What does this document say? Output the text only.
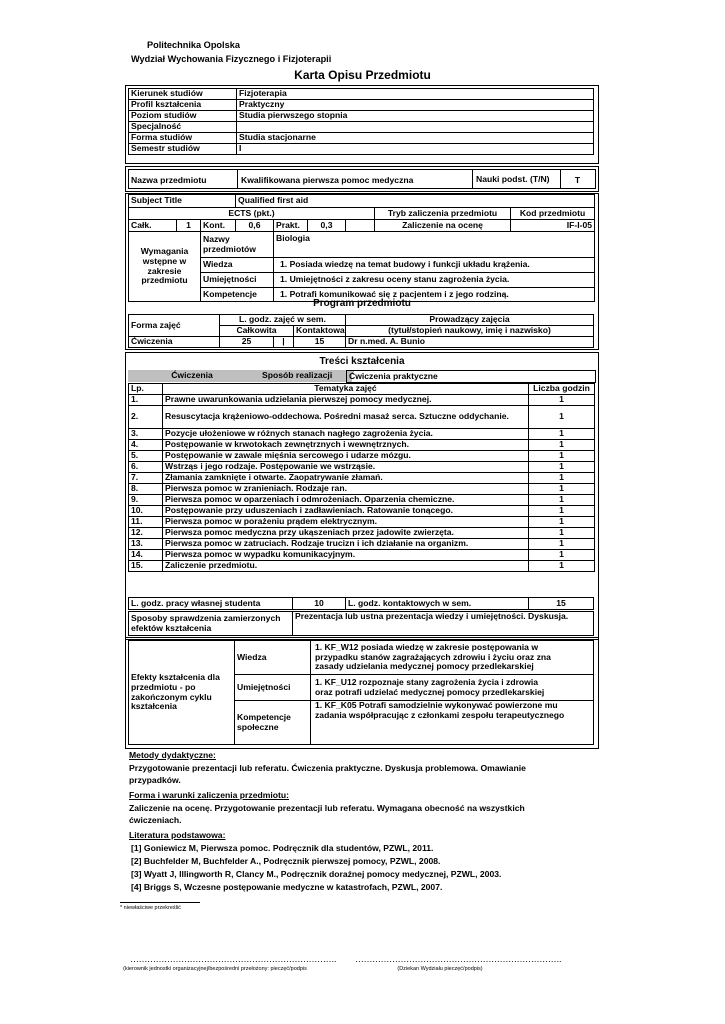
Politechnika Opolska
Wydział Wychowania Fizycznego i Fizjoterapii
Karta Opisu Przedmiotu
Kierunek studiów	Fizjoterapia
Profil kształcenia	Praktyczny
Poziom studiów	Studia pierwszego stopnia
Specjalność	
Forma studiów	Studia stacjonarne
Semestr studiów	I
Nazwa przedmiotu	Kwalifikowana pierwsza pomoc medyczna	Nauki podst. (T/N)	T
Subject Title			Qualified first aid					
ECTS (pkt.)							Tryb zaliczenia przedmiotu	Kod przedmiotu
Całk.	1	Kont.	0,6	Prakt.	0,3		Zaliczenie na ocenę	IF-I-05
Wymagania wstępne w zakresie przedmiotu		Nazwy przedmiotów		Biologia				
		Wiedza		1. Posiada wiedzę na temat budowy i funkcji układu krążenia.				
		Umiejętności		1. Umiejętności z zakresu oceny stanu zagrożenia życia.				
		Kompetencje		1. Potrafi komunikować się z pacjentem i z jego rodziną.				
Program przedmiotu
Forma zajęć	L. godz. zajęć w sem.			Prowadzący zajęcia
	Całkowita		Kontaktowa	(tytuł/stopień naukowy, imię i nazwisko)
Ćwiczenia	25	|	15	Dr n.med. A. Bunio
Treści kształcenia
Ćwiczenia	Sposób realizacji	Ćwiczenia praktyczne
Lp.	Tematyka zajęć	Liczba godzin
1.	Prawne uwarunkowania udzielania pierwszej pomocy medycznej.	1
2.	Resuscytacja krążeniowo-oddechowa. Pośredni masaż serca. Sztuczne oddychanie.	1
3.	Pozycje ułożeniowe w różnych stanach nagłego zagrożenia życia.	1
4.	Postępowanie w krwotokach zewnętrznych i wewnętrznych.	1
5.	Postępowanie w zawale mięśnia sercowego i udarze mózgu.	1
6.	Wstrząs i jego rodzaje. Postępowanie we wstrząsie.	1
7.	Złamania zamknięte i otwarte. Zaopatrywanie złamań.	1
8.	Pierwsza pomoc w zranieniach. Rodzaje ran.	1
9.	Pierwsza pomoc w oparzeniach i odmrożeniach. Oparzenia chemiczne.	1
10.	Postępowanie przy uduszeniach i zadławieniach. Ratowanie tonącego.	1
11.	Pierwsza pomoc w porażeniu prądem elektrycznym.	1
12.	Pierwsza pomoc medyczna przy ukąszeniach przez jadowite zwierzęta.	1
13.	Pierwsza pomoc w zatruciach. Rodzaje trucizn i ich działanie na organizm.	1
14.	Pierwsza pomoc w wypadku komunikacyjnym.	1
15.	Zaliczenie przedmiotu.	1
L. godz. pracy własnej studenta	10	L. godz. kontaktowych w sem.	15
Sposoby sprawdzenia zamierzonych efektów kształcenia	Prezentacja lub ustna prezentacja wiedzy i umiejętności. Dyskusja.
Efekty kształcenia dla przedmiotu - po zakończonym cyklu kształcenia	Wiedza	1. KF_W12 posiada wiedzę w zakresie postępowania w przypadku stanów zagrażających zdrowiu i życiu oraz zna zasady udzielania medycznej pomocy przedlekarskiej
	Umiejętności	1. KF_U12 rozpoznaje stany zagrożenia życia i zdrowia oraz potrafi udzielać medycznej pomocy przedlekarskiej
	Kompetencje społeczne	1. KF_K05 Potrafi samodzielnie wykonywać powierzone mu zadania współpracując z członkami zespołu terapeutycznego
Metody dydaktyczne:
Przygotowanie prezentacji lub referatu. Ćwiczenia praktyczne. Dyskusja problemowa. Omawianie przypadków.
Forma i warunki zaliczenia przedmiotu:
Zaliczenie na ocenę. Przygotowanie prezentacji lub referatu. Wymagana obecność na wszystkich ćwiczeniach.
Literatura podstawowa:
[1] Goniewicz M, Pierwsza pomoc. Podręcznik dla studentów, PZWL, 2011.
[2] Buchfelder M, Buchfelder A., Podręcznik pierwszej pomocy, PZWL, 2008.
[3] Wyatt J, Illingworth R, Clancy M., Podręcznik doraźnej pomocy medycznej, PZWL, 2003.
[4] Briggs S, Wczesne postępowanie medyczne w katastrofach, PZWL, 2007.
* niewłaściwe przekreślić
………………………………………………………………. ……………………………………………………………….
(kierownik jednostki organizacyjnej/bezpośredni przełożony: pieczęć/podpis	(Dziekan Wydziału pieczęć/podpis)
